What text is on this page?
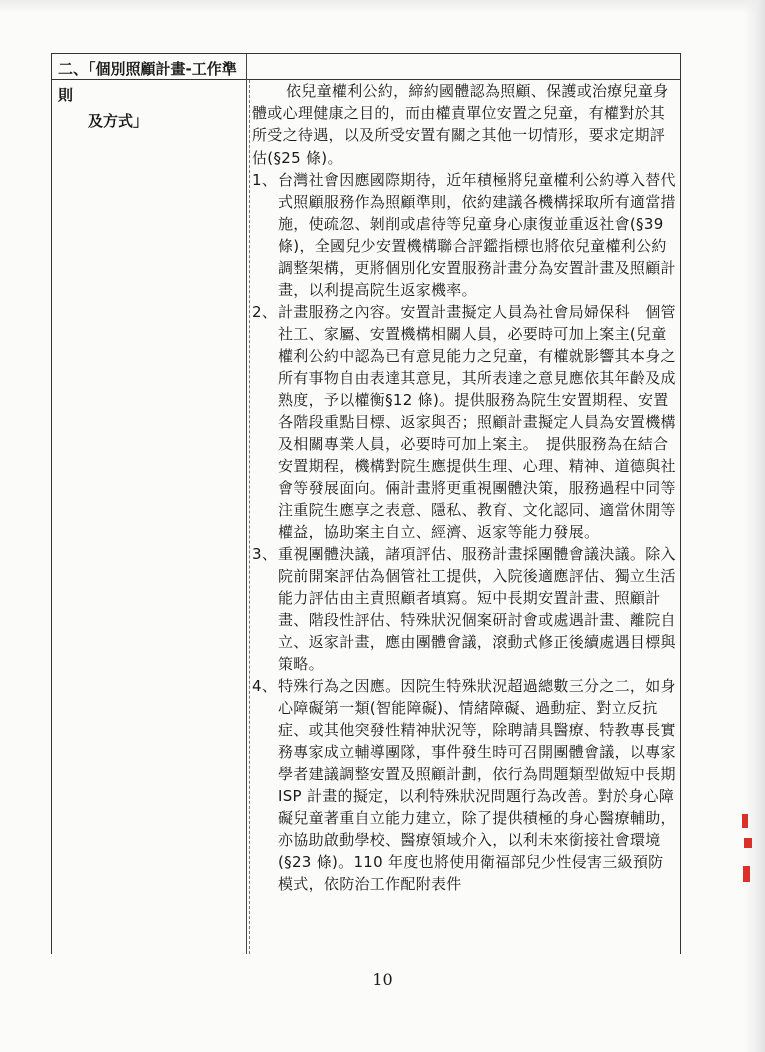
二、「個別照顧計畫-工作準則
及方式」

依兒童權利公約，締約國體認為照顧、保護或治療兒童身體或心理健康之目的，而由權責單位安置之兒童，有權對於其所受之待遇，以及所受安置有關之其他一切情形，要求定期評估(§25 條)。

1、 台灣社會因應國際期待，近年積極將兒童權利公約導入替代式照顧服務作為照顧準則，依約建議各機構採取所有適當措施，使疏忽、剝削或虐待等兒童身心康復並重返社會(§39 條)，全國兒少安置機構聯合評鑑指標也將依兒童權利公約調整架構，更將個別化安置服務計畫分為安置計畫及照顧計畫，以利提高院生返家機率。
2、 計畫服務之內容。安置計畫擬定人員為社會局婦保科　個管社工、家屬、安置機構相關人員，必要時可加上案主(兒童權利公約中認為已有意見能力之兒童，有權就影響其本身之所有事物自由表達其意見，其所表達之意見應依其年齡及成熟度，予以權衡§12 條)。提供服務為院生安置期程、安置各階段重點目標、返家與否；照顧計畫擬定人員為安置機構及相關專業人員，必要時可加上案主。　提供服務為在結合安置期程，機構對院生應提供生理、心理、精神、道德與社會等發展面向。倆計畫將更重視團體決策，服務過程中同等注重院生應享之表意、隱私、教育、文化認同、適當休閒等權益，協助案主自立、經濟、返家等能力發展。
3、 重視團體決議，諸項評估、服務計畫採團體會議決議。除入院前開案評估為個管社工提供，入院後適應評估、獨立生活能力評估由主責照顧者填寫。短中長期安置計畫、照顧計畫、階段性評估、特殊狀況個案研討會或處遇計畫、離院自立、返家計畫，應由團體會議，滾動式修正後續處遇目標與策略。
4、 特殊行為之因應。因院生特殊狀況超過總數三分之二，如身心障礙第一類(智能障礙)、情緒障礙、過動症、對立反抗症、或其他突發性精神狀況等，除聘請具醫療、特教專長實務專家成立輔導團隊，事件發生時可召開團體會議，以專家學者建議調整安置及照顧計劃，依行為問題類型做短中長期 ISP 計畫的擬定，以利特殊狀況問題行為改善。對於身心障礙兒童著重自立能力建立，除了提供積極的身心醫療輔助，亦協助啟動學校、醫療領域介入，以利未來銜接社會環境(§23 條)。110 年度也將使用衛福部兒少性侵害三級預防模式，依防治工作配附表件
10
